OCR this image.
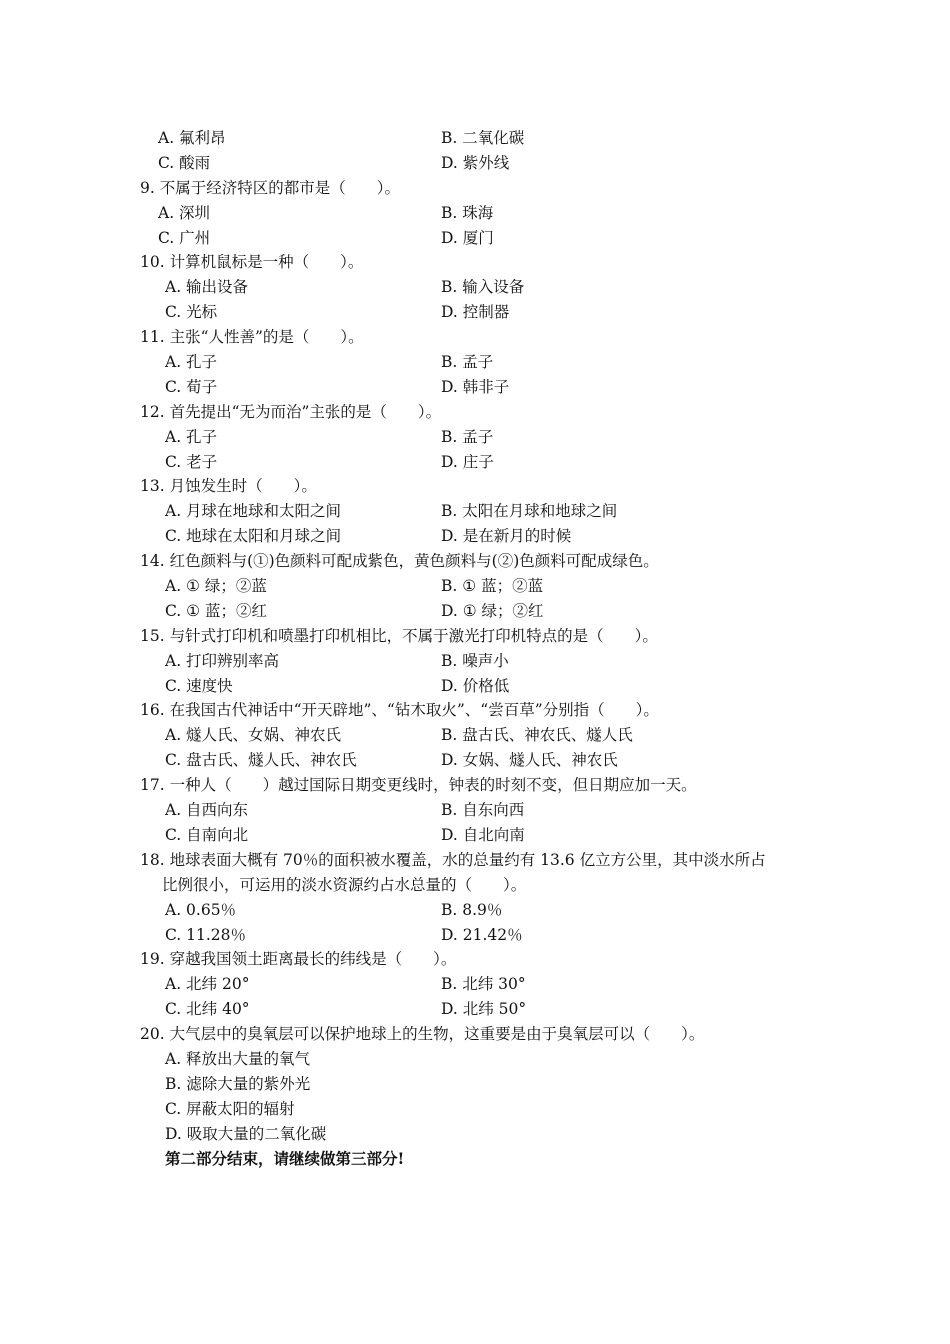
A. 氟利昂	B. 二氧化碳
C. 酸雨	D. 紫外线
9. 不属于经济特区的都市是（　　）。
A. 深圳	B. 珠海
C. 广州	D. 厦门
10. 计算机鼠标是一种（　　）。
A. 输出设备	B. 输入设备
C. 光标	D. 控制器
11. 主张“人性善”的是（　　）。
A. 孔子	B. 孟子
C. 荀子	D. 韩非子
12. 首先提出“无为而治”主张的是（　　）。
A. 孔子	B. 孟子
C. 老子	D. 庄子
13. 月蚀发生时（　　）。
A. 月球在地球和太阳之间	B. 太阳在月球和地球之间
C. 地球在太阳和月球之间	D. 是在新月的时候
14. 红色颜料与(①)色颜料可配成紫色，黄色颜料与(②)色颜料可配成绿色。
A. ① 绿；②蓝	B. ① 蓝；②蓝
C. ① 蓝；②红	D. ① 绿；②红
15. 与针式打印机和喷墨打印机相比，不属于激光打印机特点的是（　　）。
A. 打印辨别率高	B. 噪声小
C. 速度快	D. 价格低
16. 在我国古代神话中“开天辟地”、“钻木取火”、“尝百草”分别指（　　）。
A. 燧人氏、女娲、神农氏	B. 盘古氏、神农氏、燧人氏
C. 盘古氏、燧人氏、神农氏	D. 女娲、燧人氏、神农氏
17. 一种人（　　）越过国际日期变更线时，钟表的时刻不变，但日期应加一天。
A. 自西向东	B. 自东向西
C. 自南向北	D. 自北向南
18. 地球表面大概有 70％的面积被水覆盖，水的总量约有 13.6 亿立方公里，其中淡水所占
比例很小，可运用的淡水资源约占水总量的（　　）。
A. 0.65％	B. 8.9％
C. 11.28％	D. 21.42％
19. 穿越我国领土距离最长的纬线是（　　）。
A. 北纬 20°	B. 北纬 30°
C. 北纬 40°	D. 北纬 50°
20. 大气层中的臭氧层可以保护地球上的生物，这重要是由于臭氧层可以（　　）。
A. 释放出大量的氧气
B. 滤除大量的紫外光
C. 屏蔽太阳的辐射
D. 吸取大量的二氧化碳
第二部分结束，请继续做第三部分!
